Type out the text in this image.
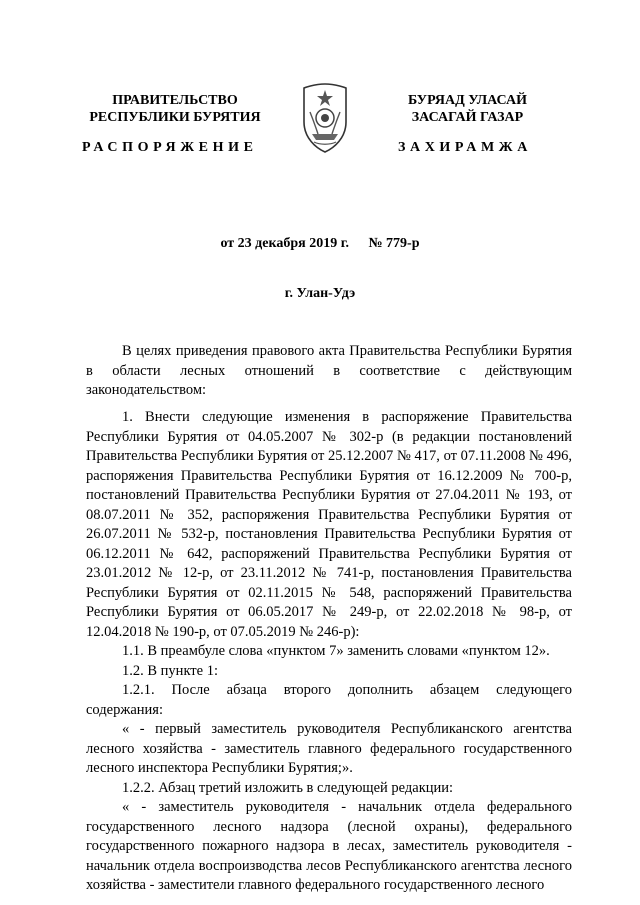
ПРАВИТЕЛЬСТВО
РЕСПУБЛИКИ БУРЯТИЯ
БУРЯАД УЛАСАЙ
ЗАСАГАЙ ГАЗАР
РАСПОРЯЖЕНИЕ	ЗАХИРАМЖА
от 23 декабря 2019 г. № 779-р
г. Улан-Удэ

В целях приведения правового акта Правительства Республики Бурятия в области лесных отношений в соответствие с действующим законодательством:

1. Внести следующие изменения в распоряжение Правительства Республики Бурятия от 04.05.2007 № 302-р (в редакции постановлений Правительства Республики Бурятия от 25.12.2007 № 417, от 07.11.2008 № 496, распоряжения Правительства Республики Бурятия от 16.12.2009 № 700-р, постановлений Правительства Республики Бурятия от 27.04.2011 № 193, от 08.07.2011 № 352, распоряжения Правительства Республики Бурятия от 26.07.2011 № 532-р, постановления Правительства Республики Бурятия от 06.12.2011 № 642, распоряжений Правительства Республики Бурятия от 23.01.2012 № 12-р, от 23.11.2012 № 741-р, постановления Правительства Республики Бурятия от 02.11.2015 № 548, распоряжений Правительства Республики Бурятия от 06.05.2017 № 249-р, от 22.02.2018 № 98-р, от 12.04.2018 № 190-р, от 07.05.2019 № 246-р):

1.1. В преамбуле слова «пунктом 7» заменить словами «пунктом 12».

1.2. В пункте 1:

1.2.1. После абзаца второго дополнить абзацем следующего содержания:

« - первый заместитель руководителя Республиканского агентства лесного хозяйства - заместитель главного федерального государственного лесного инспектора Республики Бурятия;».

1.2.2. Абзац третий изложить в следующей редакции:

« - заместитель руководителя - начальник отдела федерального государственного лесного надзора (лесной охраны), федерального государственного пожарного надзора в лесах, заместитель руководителя - начальник отдела воспроизводства лесов Республиканского агентства лесного хозяйства - заместители главного федерального государственного лесного
